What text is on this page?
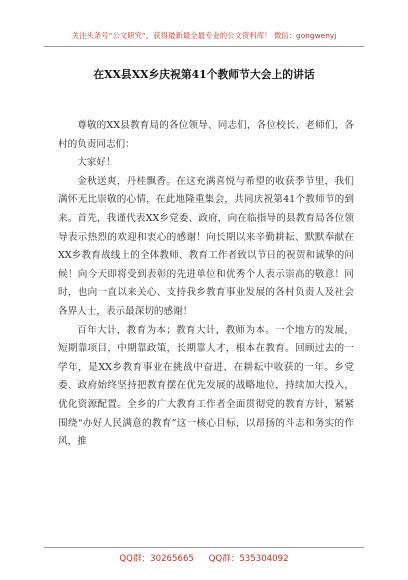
关注头条号“公文研究”，获得最新最全最专业的公文资料库！ 微信：gongwenyj
在XX县XX乡庆祝第41个教师节大会上的讲话

尊敬的XX县教育局的各位领导、同志们，各位校长、老师们，各村的负责同志们：

大家好！

金秋送爽，丹桂飘香。在这充满喜悦与希望的收获季节里，我们满怀无比崇敬的心情，在此地隆重集会，共同庆祝第41个教师节的到来。首先，我谨代表XX乡党委、政府，向在临指导的县教育局各位领导表示热烈的欢迎和衷心的感谢！向长期以来辛勤耕耘、默默奉献在XX乡教育战线上的全体教师、教育工作者致以节日的祝贺和诚挚的问候！向今天即将受到表彰的先进单位和优秀个人表示崇高的敬意！同时，也向一直以来关心、支持我乡教育事业发展的各村负责人及社会各界人士，表示最深切的感谢！

百年大计，教育为本；教育大计，教师为本。一个地方的发展，短期靠项目，中期靠政策，长期靠人才，根本在教育。回顾过去的一学年，是XX乡教育事业在挑战中奋进、在耕耘中收获的一年。乡党委、政府始终坚持把教育摆在优先发展的战略地位，持续加大投入，优化资源配置。全乡的广大教育工作者全面贯彻党的教育方针，紧紧围绕“办好人民满意的教育”这一核心目标，以昂扬的斗志和务实的作风，推

QQ群：30265665 QQ群：535304092
